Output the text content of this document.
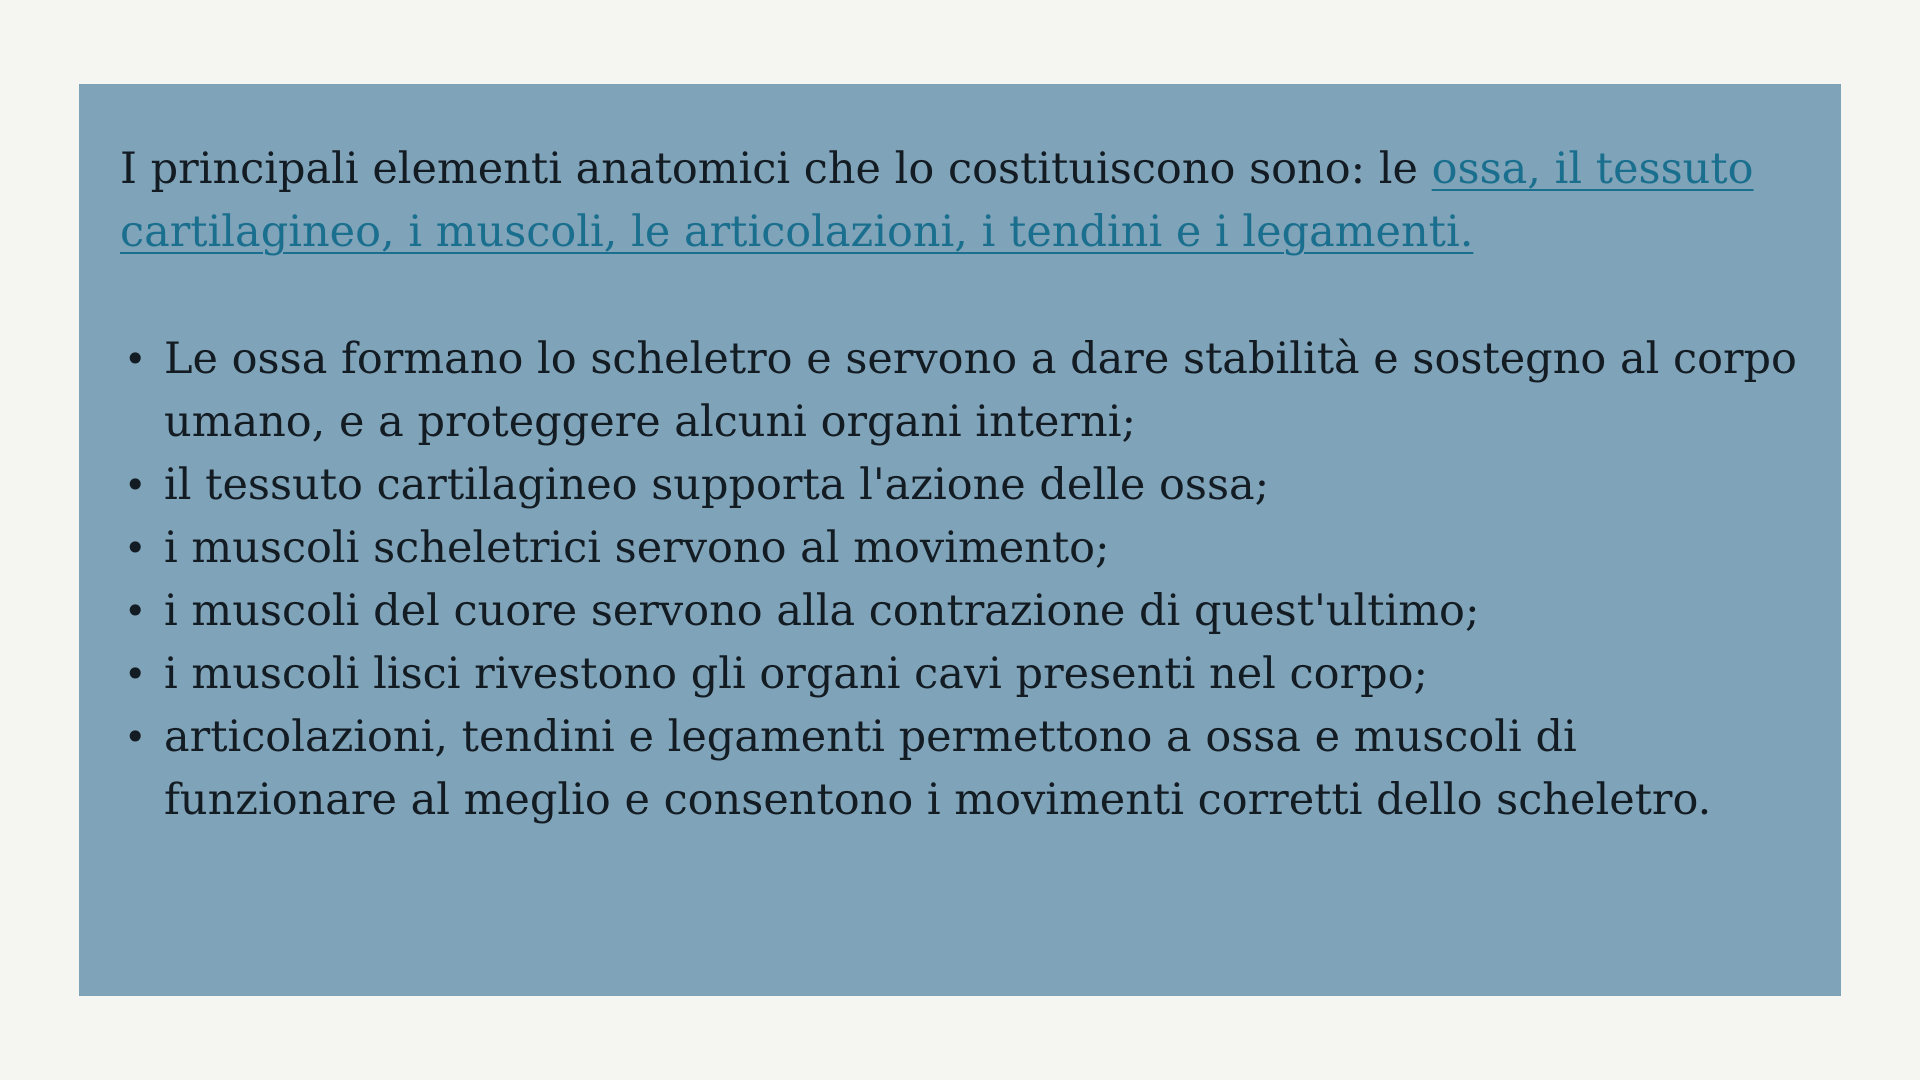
I principali elementi anatomici che lo costituiscono sono: le ossa, il tessuto cartilagineo, i muscoli, le articolazioni, i tendini e i legamenti.

• Le ossa formano lo scheletro e servono a dare stabilità e sostegno al corpo umano, e a proteggere alcuni organi interni;
• il tessuto cartilagineo supporta l'azione delle ossa;
• i muscoli scheletrici servono al movimento;
• i muscoli del cuore servono alla contrazione di quest'ultimo;
• i muscoli lisci rivestono gli organi cavi presenti nel corpo;
• articolazioni, tendini e legamenti permettono a ossa e muscoli di funzionare al meglio e consentono i movimenti corretti dello scheletro.
